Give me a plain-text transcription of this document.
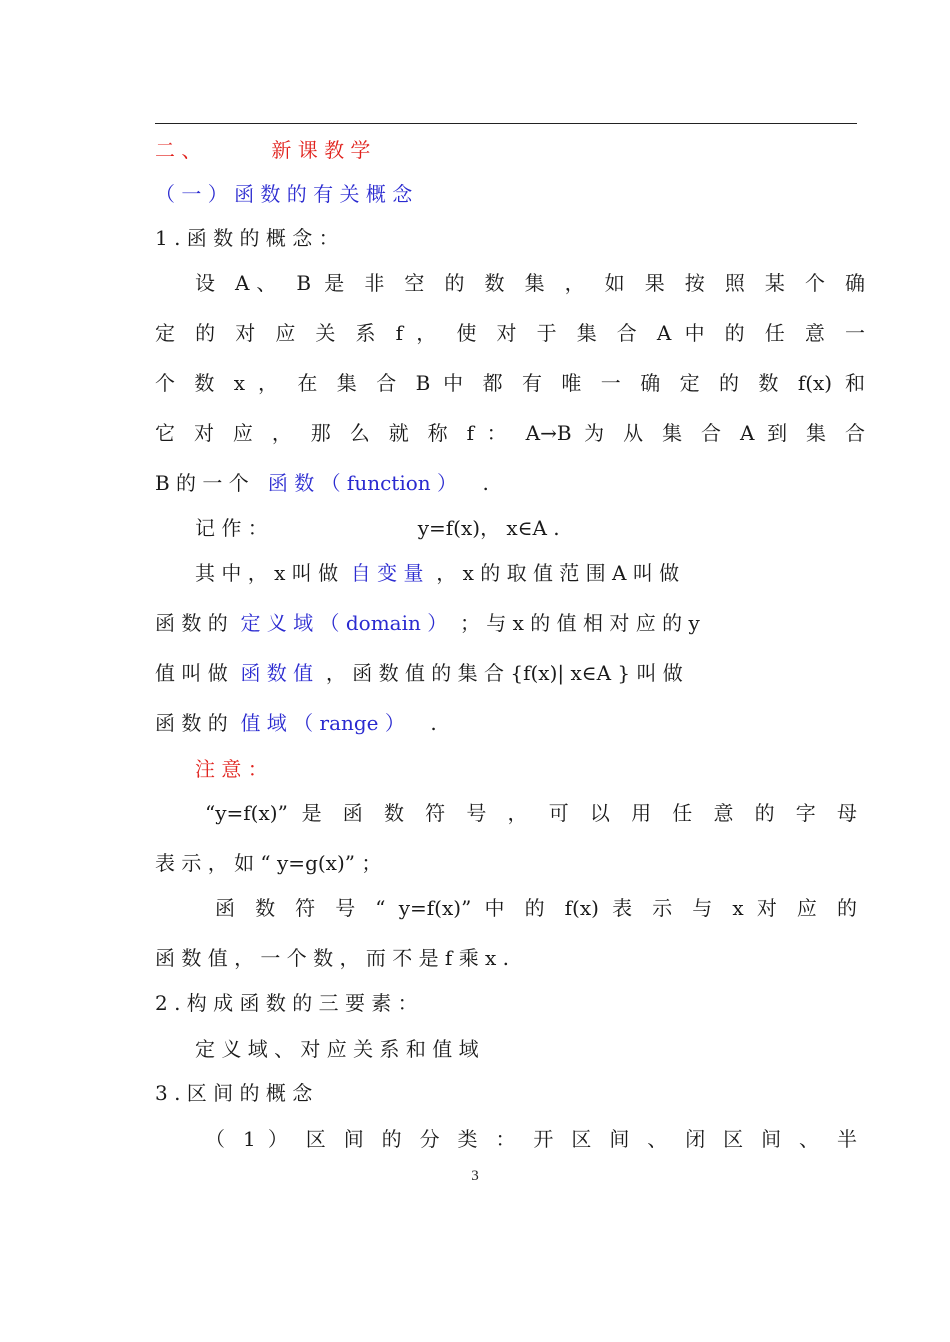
二 、	新 课 教 学
（ 一 ） 函 数 的 有 关 概 念
1 . 函 数 的 概 念 ：
设 A、 B 是 非 空 的 数 集 ， 如 果 按 照 某 个 确
定 的 对 应 关 系 f ， 使 对 于 集 合 A 中 的 任 意 一
个 数 x ， 在 集 合 B 中 都 有 唯 一 确 定 的 数 f(x) 和
它 对 应 ， 那 么 就 称 f ： A→B 为 从 集 合 A 到 集 合
B 的 一 个 函 数 （ function ） .
记 作 ：	y=f(x)， x∈A .
其 中 ， x 叫 做 自 变 量 ， x 的 取 值 范 围 A 叫 做
函 数 的 定 义 域 （ domain ） ； 与 x 的 值 相 对 应 的 y
值 叫 做 函 数 值 ， 函 数 值 的 集 合 {f(x)| x∈A } 叫 做
函 数 的 值 域 （ range ） .
注 意 ：
“y=f(x)” 是 函 数 符 号 ， 可 以 用 任 意 的 字 母
表 示 ， 如 “ y=g(x)” ；
函 数 符 号 “ y=f(x)” 中 的 f(x) 表 示 与 x 对 应 的
函 数 值 ， 一 个 数 ， 而 不 是 f 乘 x .
2 . 构 成 函 数 的 三 要 素 ：
定 义 域 、 对 应 关 系 和 值 域
3 . 区 间 的 概 念
（ 1 ） 区 间 的 分 类 ： 开 区 间 、 闭 区 间 、 半
3
